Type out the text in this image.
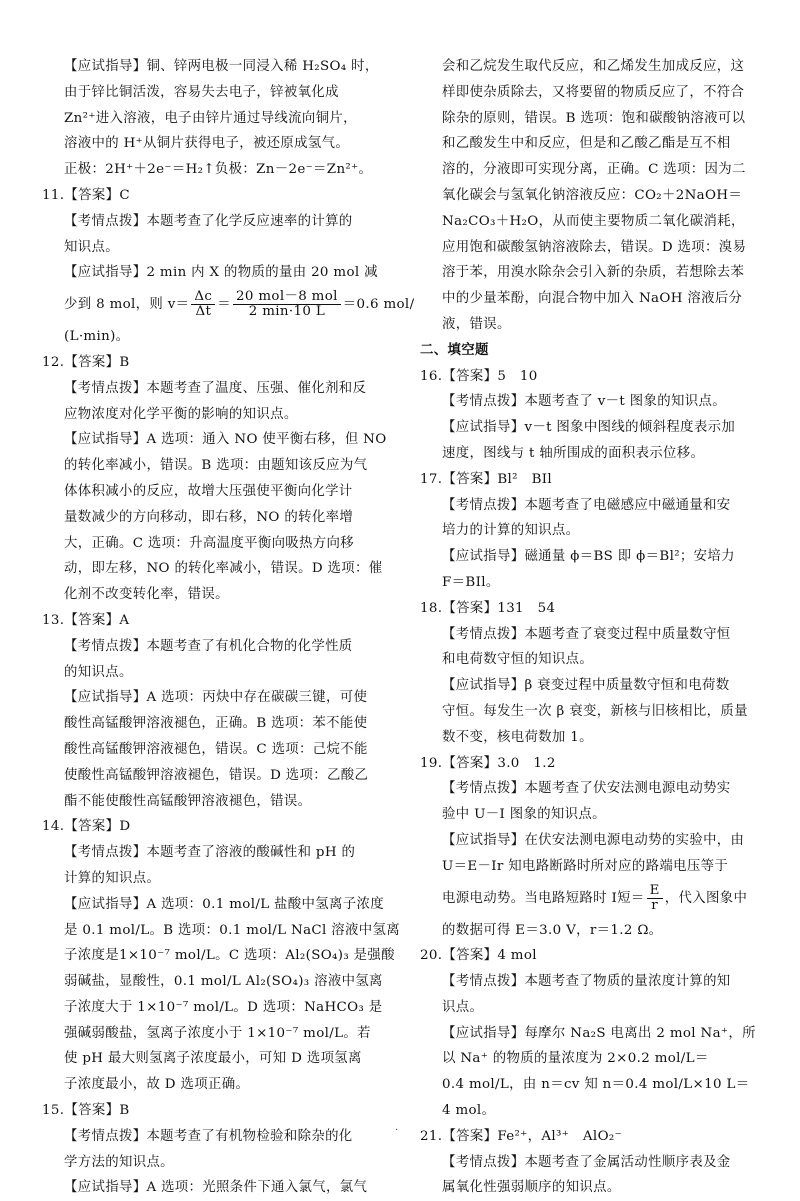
【应试指导】铜、锌两电极一同浸入稀 H₂SO₄ 时，
由于锌比铜活泼，容易失去电子，锌被氧化成
Zn²⁺进入溶液，电子由锌片通过导线流向铜片，
溶液中的 H⁺从铜片获得电子，被还原成氢气。
正极：2H⁺＋2e⁻＝H₂↑负极：Zn－2e⁻＝Zn²⁺。
11.【答案】C
【考情点拨】本题考查了化学反应速率的计算的
知识点。
【应试指导】2 min 内 X 的物质的量由 20 mol 减
少到 8 mol，则 $v= \frac{\Delta c}{\Delta t} = \frac{\text{20 mol－8 mol}}{2 \min\cdot 10 L} =0.6$ mol/
(L·min)。
12.【答案】B
【考情点拨】本题考查了温度、压强、催化剂和反
应物浓度对化学平衡的影响的知识点。
【应试指导】A 选项：通入 NO 使平衡右移，但 NO
的转化率减小，错误。B 选项：由题知该反应为气
体体积减小的反应，故增大压强使平衡向化学计
量数减少的方向移动，即右移，NO 的转化率增
大，正确。C 选项：升高温度平衡向吸热方向移
动，即左移，NO 的转化率减小，错误。D 选项：催
化剂不改变转化率，错误。
13.【答案】A
【考情点拨】本题考查了有机化合物的化学性质
的知识点。
【应试指导】A 选项：丙炔中存在碳碳三键，可使
酸性高锰酸钾溶液褪色，正确。B 选项：苯不能使
酸性高锰酸钾溶液褪色，错误。C 选项：己烷不能
使酸性高锰酸钾溶液褪色，错误。D 选项：乙酸乙
酯不能使酸性高锰酸钾溶液褪色，错误。
14.【答案】D
【考情点拨】本题考查了溶液的酸碱性和 pH 的
计算的知识点。
【应试指导】A 选项：0.1 mol/L 盐酸中氢离子浓度
是 0.1 mol/L。B 选项：0.1 mol/L NaCl 溶液中氢离
子浓度是1×10⁻⁷ mol/L。C 选项：Al₂(SO₄)₃ 是强酸
弱碱盐，显酸性，0.1 mol/L Al₂(SO₄)₃ 溶液中氢离
子浓度大于 1×10⁻⁷ mol/L。D 选项：NaHCO₃ 是
强碱弱酸盐，氢离子浓度小于 1×10⁻⁷ mol/L。若
使 pH 最大则氢离子浓度最小，可知 D 选项氢离
子浓度最小，故 D 选项正确。
15.【答案】B
【考情点拨】本题考查了有机物检验和除杂的化
学方法的知识点。
【应试指导】A 选项：光照条件下通入氯气，氯气
会和乙烷发生取代反应，和乙烯发生加成反应，这
样即使杂质除去，又将要留的物质反应了，不符合
除杂的原则，错误。B 选项：饱和碳酸钠溶液可以
和乙酸发生中和反应，但是和乙酸乙酯是互不相
溶的，分液即可实现分离，正确。C 选项：因为二
氧化碳会与氢氧化钠溶液反应：CO₂＋2NaOH＝
Na₂CO₃＋H₂O，从而使主要物质二氧化碳消耗，
应用饱和碳酸氢钠溶液除去，错误。D 选项：溴易
溶于苯，用溴水除杂会引入新的杂质，若想除去苯
中的少量苯酚，向混合物中加入 NaOH 溶液后分
液，错误。
二、填空题
16.【答案】5　10
【考情点拨】本题考查了 v－t 图象的知识点。
【应试指导】v－t 图象中图线的倾斜程度表示加
速度，图线与 t 轴所围成的面积表示位移。
17.【答案】Bl²　BIl
【考情点拨】本题考查了电磁感应中磁通量和安
培力的计算的知识点。
【应试指导】磁通量 ϕ＝BS 即 ϕ＝Bl²；安培力
F＝BIl。
18.【答案】131　54
【考情点拨】本题考查了衰变过程中质量数守恒
和电荷数守恒的知识点。
【应试指导】β 衰变过程中质量数守恒和电荷数
守恒。每发生一次 β 衰变，新核与旧核相比，质量
数不变，核电荷数加 1。
19.【答案】3.0　1.2
【考情点拨】本题考查了伏安法测电源电动势实
验中 U－I 图象的知识点。
【应试指导】在伏安法测电源电动势的实验中，由
U＝E－Ir 知电路断路时所对应的路端电压等于
电源电动势。当电路短路时 I短＝ $\frac{E}{r}$ ，代入图象中
的数据可得 E＝3.0 V，r＝1.2 Ω。
20.【答案】4 mol
【考情点拨】本题考查了物质的量浓度计算的知
识点。
【应试指导】每摩尔 Na₂S 电离出 2 mol Na⁺，所
以 Na⁺ 的物质的量浓度为 2×0.2 mol/L＝
0.4 mol/L，由 n＝cv 知 n＝0.4 mol/L×10 L＝
4 mol。
21.【答案】Fe²⁺，Al³⁺　AlO₂⁻
【考情点拨】本题考查了金属活动性顺序表及金
属氧化性强弱顺序的知识点。
·
